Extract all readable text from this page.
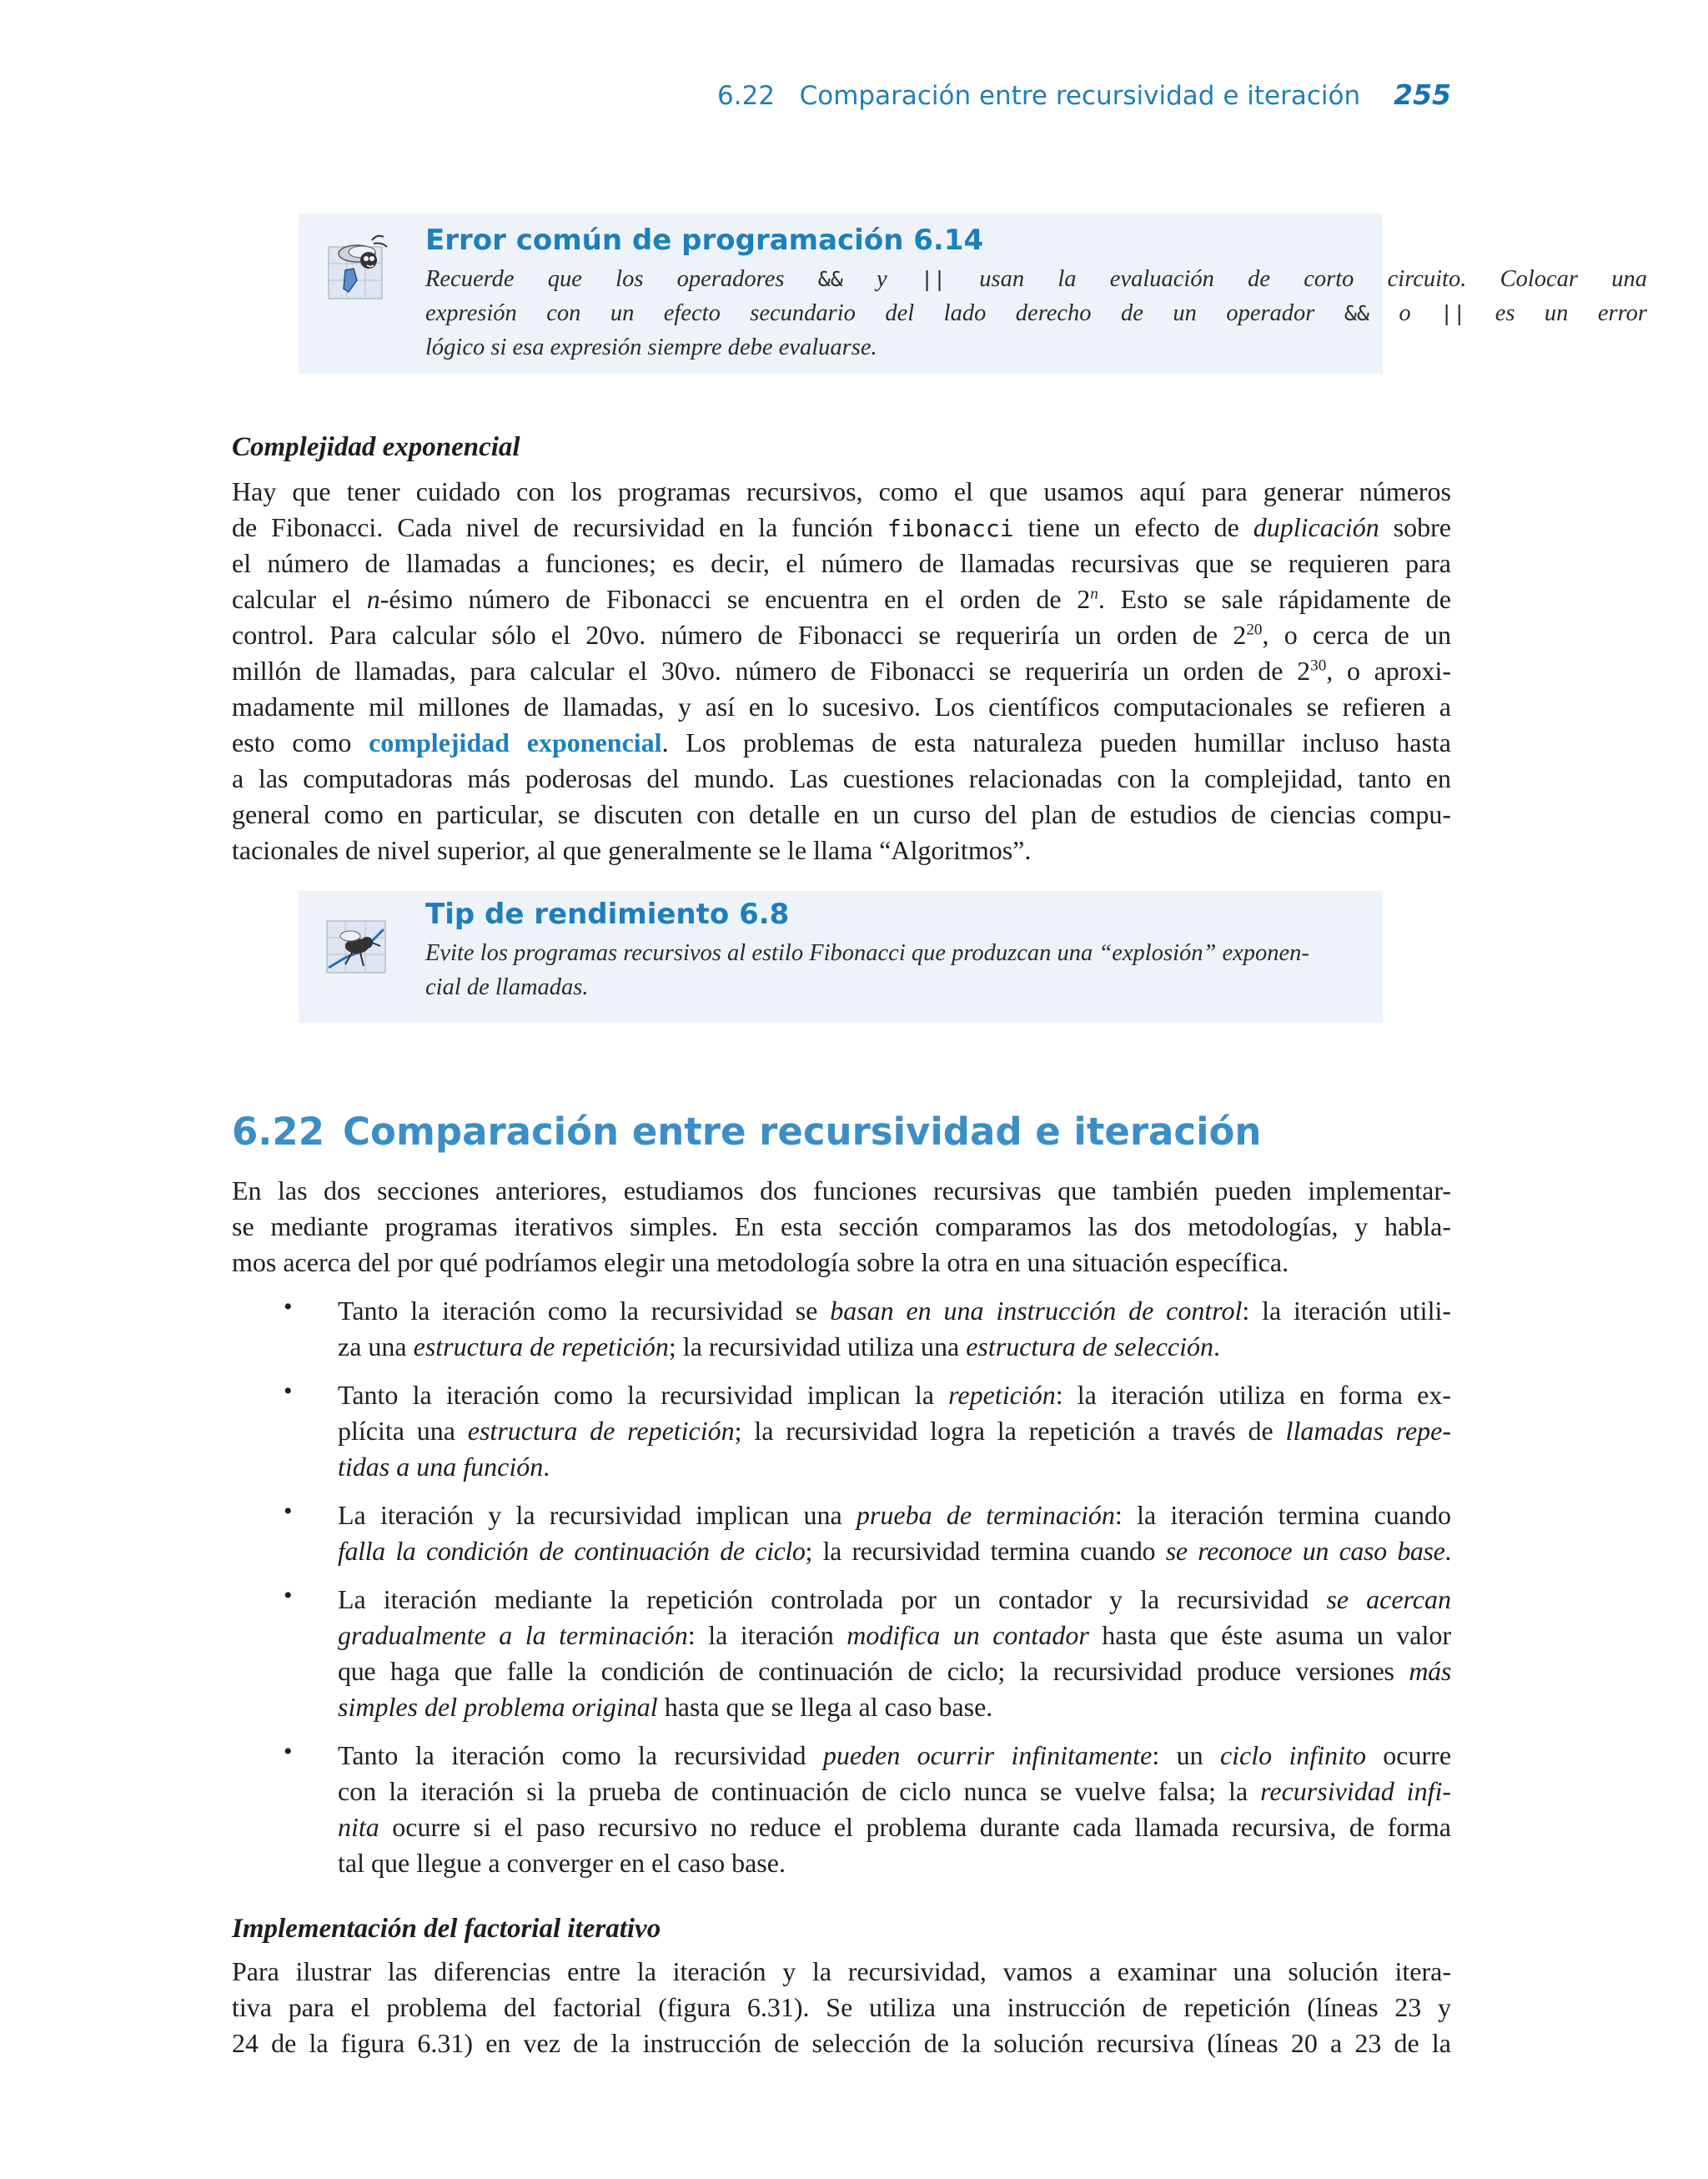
6.22 Comparación entre recursividad e iteración 255
Error común de programación 6.14
Recuerde que los operadores && y || usan la evaluación de corto circuito. Colocar una
expresión con un efecto secundario del lado derecho de un operador && o || es un error
lógico si esa expresión siempre debe evaluarse.
Complejidad exponencial
Hay que tener cuidado con los programas recursivos, como el que usamos aquí para generar números
de Fibonacci. Cada nivel de recursividad en la función fibonacci tiene un efecto de duplicación sobre
el número de llamadas a funciones; es decir, el número de llamadas recursivas que se requieren para
calcular el n-ésimo número de Fibonacci se encuentra en el orden de 2$^n$. Esto se sale rápidamente de
control. Para calcular sólo el 20vo. número de Fibonacci se requeriría un orden de $2^{20}$, o cerca de un
millón de llamadas, para calcular el 30vo. número de Fibonacci se requeriría un orden de $2^{30}$, o aproxi-
madamente mil millones de llamadas, y así en lo sucesivo. Los científicos computacionales se refieren a
esto como complejidad exponencial. Los problemas de esta naturaleza pueden humillar incluso hasta
a las computadoras más poderosas del mundo. Las cuestiones relacionadas con la complejidad, tanto en
general como en particular, se discuten con detalle en un curso del plan de estudios de ciencias compu-
tacionales de nivel superior, al que generalmente se le llama “Algoritmos”.
Tip de rendimiento 6.8
Evite los programas recursivos al estilo Fibonacci que produzcan una “explosión” exponen-
cial de llamadas.
6.22 Comparación entre recursividad e iteración
En las dos secciones anteriores, estudiamos dos funciones recursivas que también pueden implementar-
se mediante programas iterativos simples. En esta sección comparamos las dos metodologías, y habla-
mos acerca del por qué podríamos elegir una metodología sobre la otra en una situación específica.
• Tanto la iteración como la recursividad se basan en una instrucción de control: la iteración utili-
za una estructura de repetición; la recursividad utiliza una estructura de selección.
• Tanto la iteración como la recursividad implican la repetición: la iteración utiliza en forma ex-
plícita una estructura de repetición; la recursividad logra la repetición a través de llamadas repe-
tidas a una función.
• La iteración y la recursividad implican una prueba de terminación: la iteración termina cuando
falla la condición de continuación de ciclo; la recursividad termina cuando se reconoce un caso base.
• La iteración mediante la repetición controlada por un contador y la recursividad se acercan
gradualmente a la terminación: la iteración modifica un contador hasta que éste asuma un valor
que haga que falle la condición de continuación de ciclo; la recursividad produce versiones más
simples del problema original hasta que se llega al caso base.
• Tanto la iteración como la recursividad pueden ocurrir infinitamente: un ciclo infinito ocurre
con la iteración si la prueba de continuación de ciclo nunca se vuelve falsa; la recursividad infi-
nita ocurre si el paso recursivo no reduce el problema durante cada llamada recursiva, de forma
tal que llegue a converger en el caso base.
Implementación del factorial iterativo
Para ilustrar las diferencias entre la iteración y la recursividad, vamos a examinar una solución itera-
tiva para el problema del factorial (figura 6.31). Se utiliza una instrucción de repetición (líneas 23 y
24 de la figura 6.31) en vez de la instrucción de selección de la solución recursiva (líneas 20 a 23 de la
